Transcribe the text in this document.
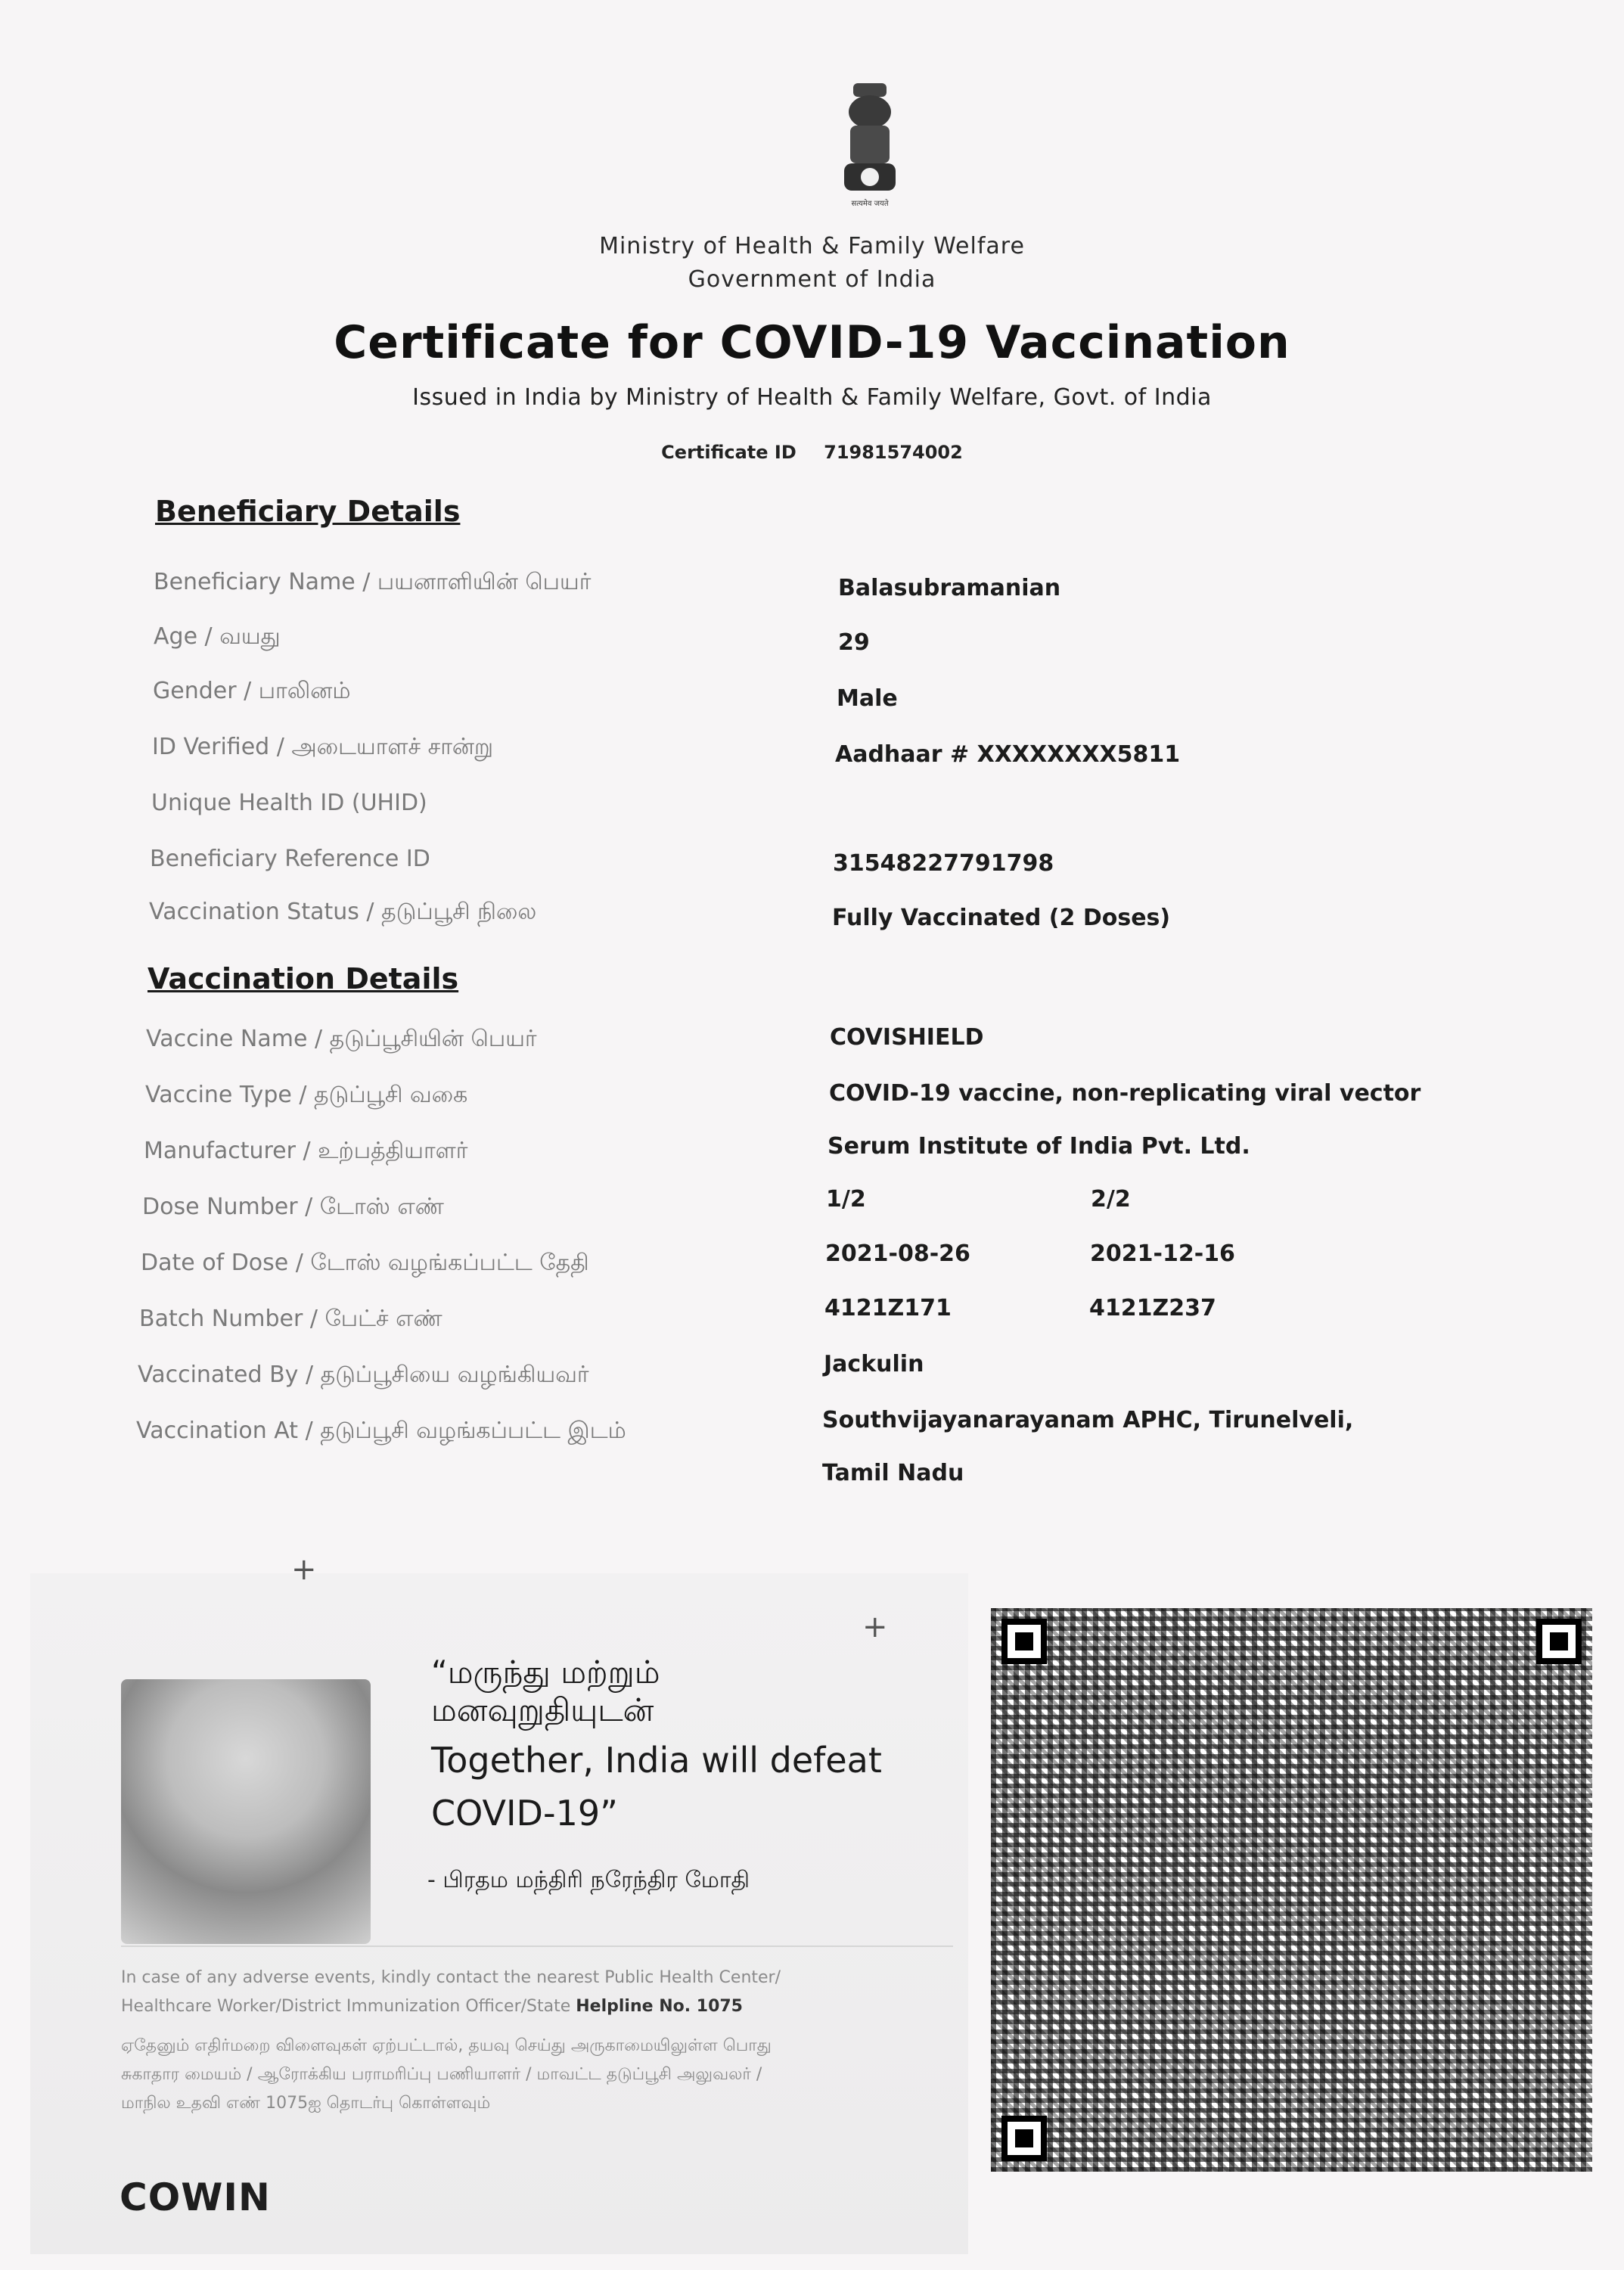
सत्यमेव जयते
Ministry of Health & Family Welfare
Government of India
Certificate for COVID-19 Vaccination
Issued in India by Ministry of Health & Family Welfare, Govt. of India
Certificate ID 71981574002
Beneficiary Details
Beneficiary Name / பயனாளியின் பெயர்	Balasubramanian
Age / வயது	29
Gender / பாலினம்	Male
ID Verified / அடையாளச் சான்று	Aadhaar # XXXXXXXX5811
Unique Health ID (UHID)
Beneficiary Reference ID	31548227791798
Vaccination Status / தடுப்பூசி நிலை	Fully Vaccinated (2 Doses)
Vaccination Details
Vaccine Name / தடுப்பூசியின் பெயர்	COVISHIELD
Vaccine Type / தடுப்பூசி வகை	COVID-19 vaccine, non-replicating viral vector
Manufacturer / உற்பத்தியாளர்	Serum Institute of India Pvt. Ltd.
Dose Number / டோஸ் எண்	1/2	2/2
Date of Dose / டோஸ் வழங்கப்பட்ட தேதி	2021-08-26	2021-12-16
Batch Number / பேட்ச் எண்	4121Z171	4121Z237
Vaccinated By / தடுப்பூசியை வழங்கியவர்	Jackulin
Vaccination At / தடுப்பூசி வழங்கப்பட்ட இடம்	Southvijayanarayanam APHC, Tirunelveli,
Tamil Nadu
+
+
“மருந்து மற்றும்
மனவுறுதியுடன்
Together, India will defeat
COVID-19”
- பிரதம மந்திரி நரேந்திர மோதி
In case of any adverse events, kindly contact the nearest Public Health Center/
Healthcare Worker/District Immunization Officer/State Helpline No. 1075
ஏதேனும் எதிர்மறை விளைவுகள் ஏற்பட்டால், தயவு செய்து அருகாமையிலுள்ள பொது
சுகாதார மையம் / ஆரோக்கிய பராமரிப்பு பணியாளர் / மாவட்ட தடுப்பூசி அலுவலர் /
மாநில உதவி எண் 1075ஐ தொடர்பு கொள்ளவும்
COWIN
